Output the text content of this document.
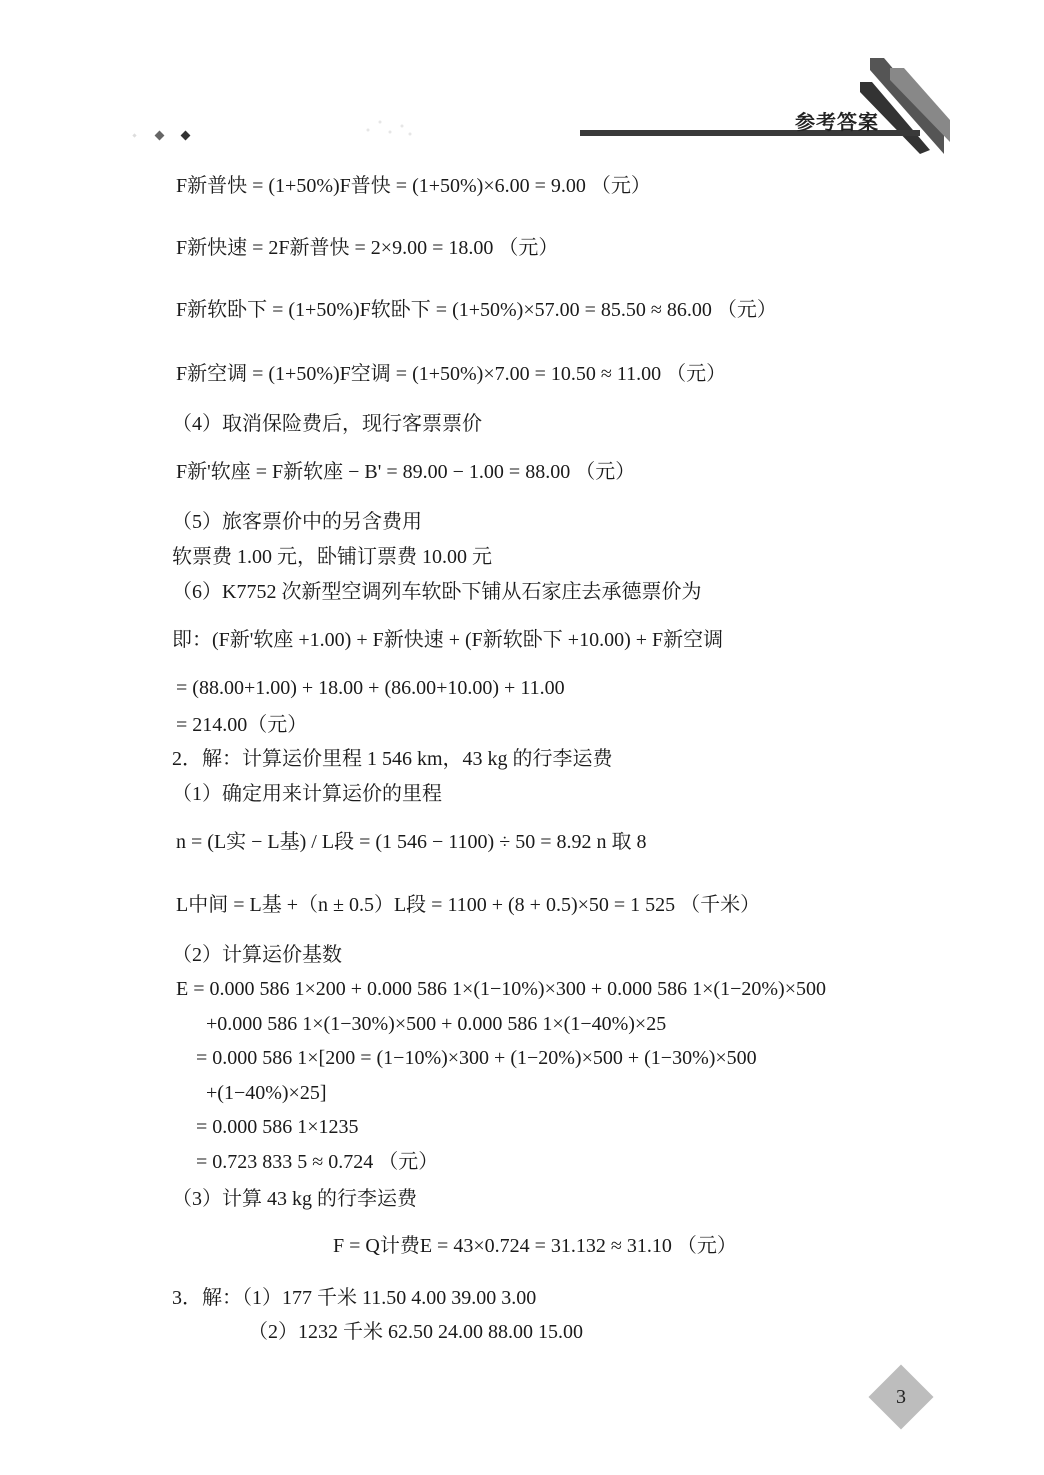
参考答案
F新普快 = (1+50%)F普快 = (1+50%)×6.00 = 9.00 （元）
F新快速 = 2F新普快 = 2×9.00 = 18.00 （元）
F新软卧下 = (1+50%)F软卧下 = (1+50%)×57.00 = 85.50 ≈ 86.00 （元）
F新空调 = (1+50%)F空调 = (1+50%)×7.00 = 10.50 ≈ 11.00 （元）
（4）取消保险费后，现行客票票价
F新'软座 = F新软座 − B' = 89.00 − 1.00 = 88.00 （元）
（5）旅客票价中的另含费用
软票费 1.00 元，卧铺订票费 10.00 元
（6）K7752 次新型空调列车软卧下铺从石家庄去承德票价为
即：(F新'软座 +1.00) + F新快速 + (F新软卧下 +10.00) + F新空调
= (88.00+1.00) + 18.00 + (86.00+10.00) + 11.00
= 214.00（元）
2．解：计算运价里程 1 546 km，43 kg 的行李运费
（1）确定用来计算运价的里程
n = (L实 − L基) / L段 = (1 546 − 1100) ÷ 50 = 8.92 n 取 8
L中间 = L基 +（n ± 0.5）L段 = 1100 + (8 + 0.5)×50 = 1 525 （千米）
（2）计算运价基数
E = 0.000 586 1×200 + 0.000 586 1×(1−10%)×300 + 0.000 586 1×(1−20%)×500
+0.000 586 1×(1−30%)×500 + 0.000 586 1×(1−40%)×25
= 0.000 586 1×[200 = (1−10%)×300 + (1−20%)×500 + (1−30%)×500
+(1−40%)×25]
= 0.000 586 1×1235
= 0.723 833 5 ≈ 0.724 （元）
（3）计算 43 kg 的行李运费
F = Q计费E = 43×0.724 = 31.132 ≈ 31.10 （元）
3．解：（1）177 千米 11.50 4.00 39.00 3.00
（2）1232 千米 62.50 24.00 88.00 15.00
3
